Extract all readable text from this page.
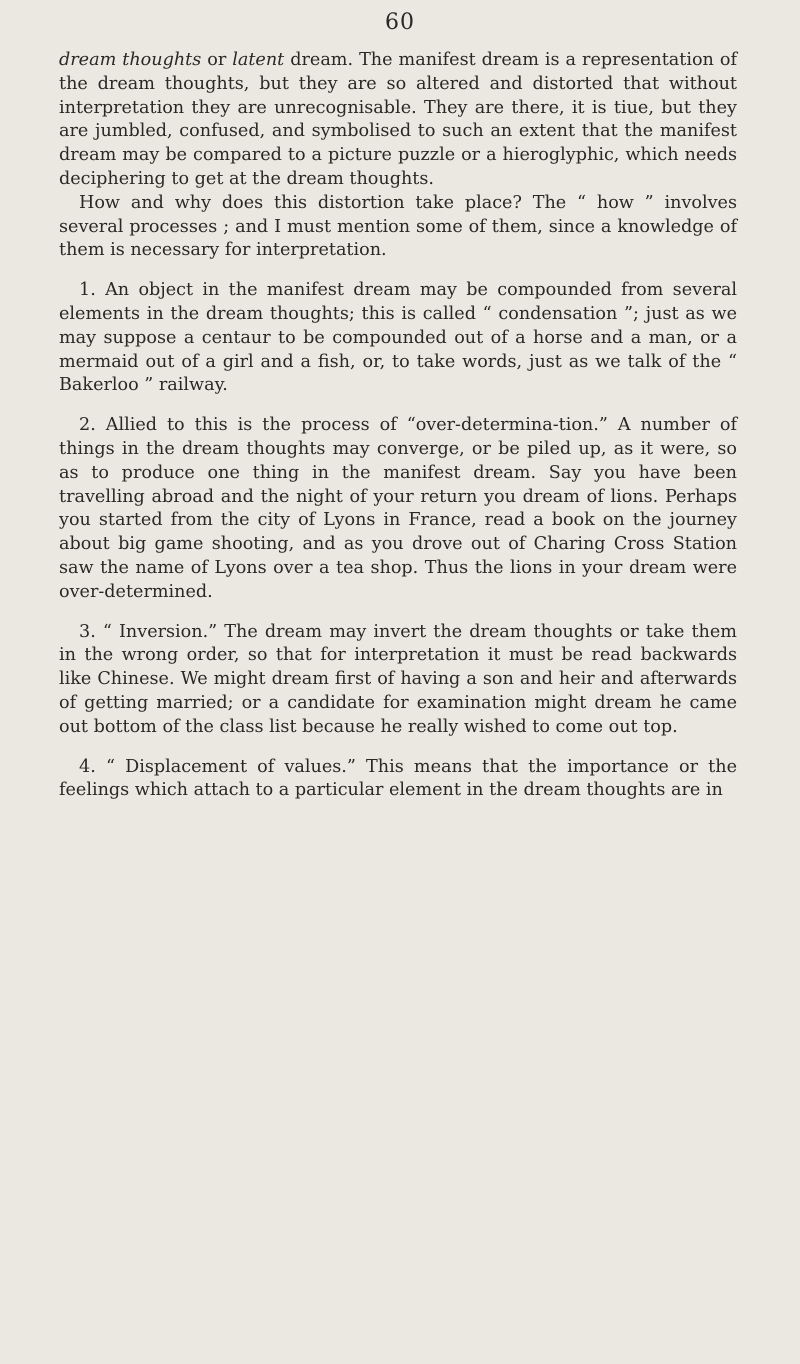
60

dream thoughts or latent dream. The manifest dream is a representation of the dream thoughts, but they are so altered and distorted that without interpretation they are unrecognisable. They are there, it is tiue, but they are jumbled, confused, and symbolised to such an extent that the manifest dream may be compared to a picture puzzle or a hieroglyphic, which needs deciphering to get at the dream thoughts.

How and why does this distortion take place? The “ how ” involves several processes ; and I must mention some of them, since a knowledge of them is necessary for interpretation.

1. An object in the manifest dream may be compounded from several elements in the dream thoughts; this is called “ condensation ”; just as we may suppose a centaur to be compounded out of a horse and a man, or a mermaid out of a girl and a fish, or, to take words, just as we talk of the “ Bakerloo ” railway.

2. Allied to this is the process of “over-determina-tion.” A number of things in the dream thoughts may converge, or be piled up, as it were, so as to produce one thing in the manifest dream. Say you have been travelling abroad and the night of your return you dream of lions. Perhaps you started from the city of Lyons in France, read a book on the journey about big game shooting, and as you drove out of Charing Cross Station saw the name of Lyons over a tea shop. Thus the lions in your dream were over-determined.

3. “ Inversion.” The dream may invert the dream thoughts or take them in the wrong order, so that for interpretation it must be read backwards like Chinese. We might dream first of having a son and heir and afterwards of getting married; or a candidate for examination might dream he came out bottom of the class list because he really wished to come out top.

4. “ Displacement of values.” This means that the importance or the feelings which attach to a particular element in the dream thoughts are in
